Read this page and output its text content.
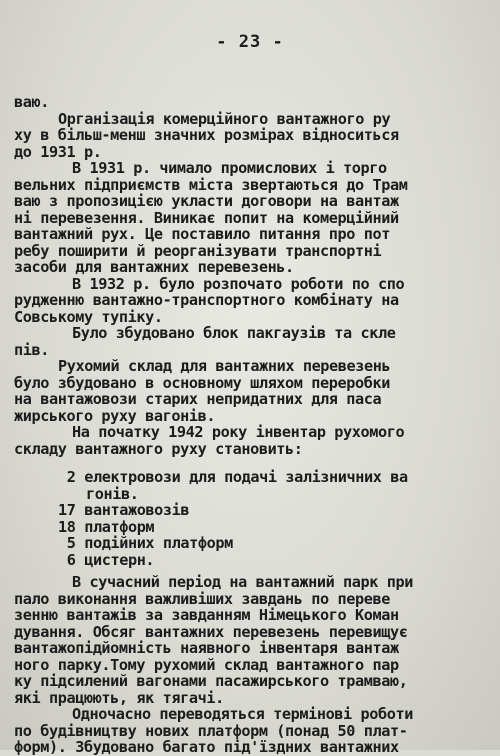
- 23 -
ваю.
Організація комерційного вантажного ру
ху в більш-менш значних розмірах відноситься
до 1931 р.
В 1931 р. чимало промислових і торго
вельних підприємств міста звертаються до Трам
ваю з пропозицією укласти договори на вантаж
ні перевезення. Виникає попит на комерційний
вантажний рух. Це поставило питання про пот
ребу поширити й реорганізувати транспортні
засоби для вантажних перевезень.
В 1932 р. було розпочато роботи по спо
рудженню вантажно-транспортного комбінату на
Совському тупіку.
Було збудовано блок пакгаузів та скле
пів.
Рухомий склад для вантажних перевезень
було збудовано в основному шляхом переробки
на вантажовози старих непридатних для паса
жирського руху вагонів.
На початку 1942 року інвентар рухомого
складу вантажного руху становить:
2 електровози для подачі залізничних ва
гонів.
17 вантажовозів
18 платформ
5 подійних платформ
6 цистерн.
В сучасний період на вантажний парк при
пало виконання важливіших завдань по переве
зенню вантажів за завданням Німецького Коман
дування. Обсяг вантажних перевезень перевищує
вантажопідйомність наявного інвентаря вантаж
ного парку.Тому рухомий склад вантажного пар
ку підсилений вагонами пасажирського трамваю,
які працюють, як тягачі.
Одночасно переводяться термінові роботи
по будівництву нових платформ (понад 50 плат-
форм). Збудовано багато під'їздних вантажних
